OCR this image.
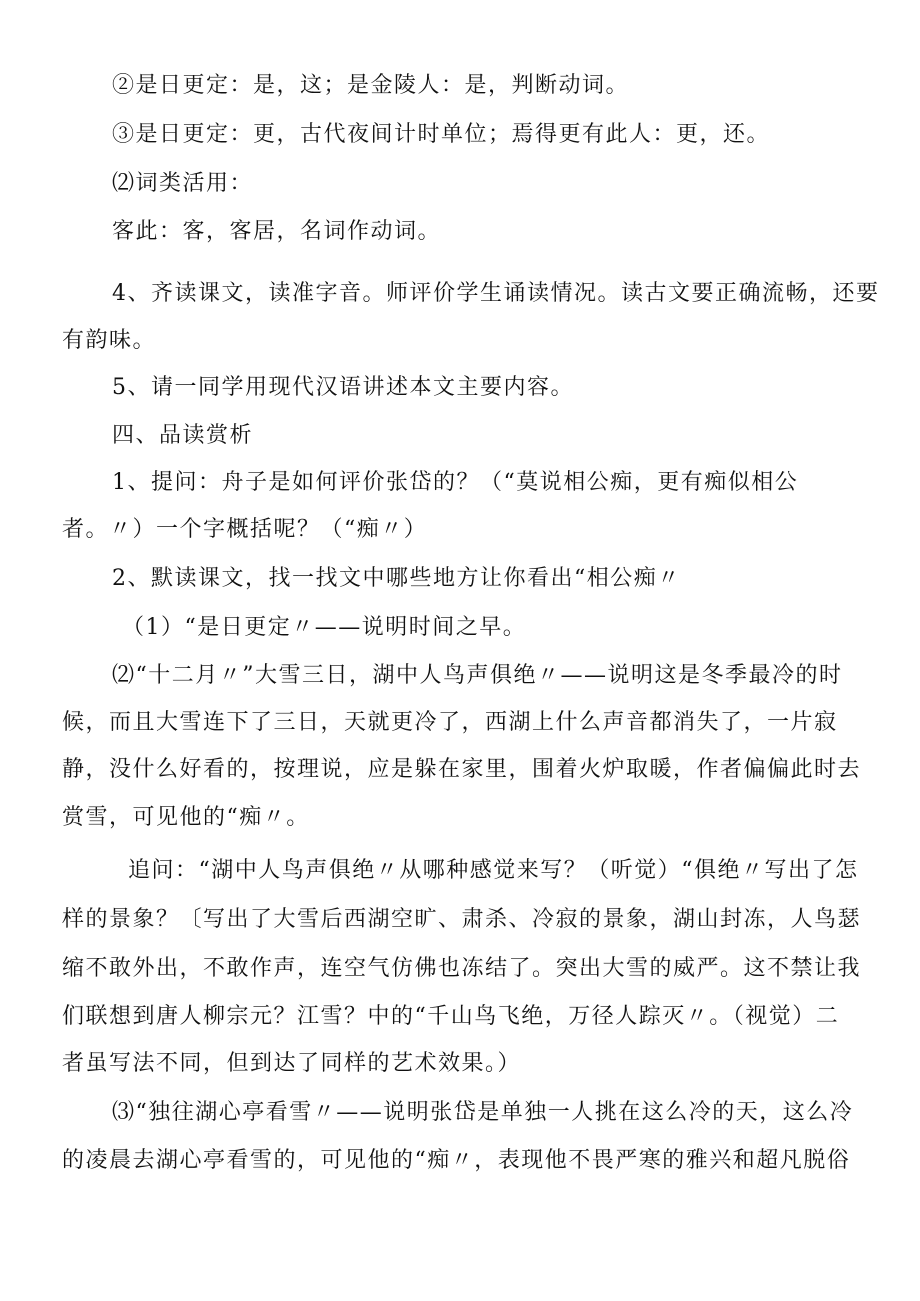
②是日更定：是，这；是金陵人：是，判断动词。
③是日更定：更，古代夜间计时单位；焉得更有此人：更，还。
⑵词类活用：
客此：客，客居，名词作动词。
4、齐读课文，读准字音。师评价学生诵读情况。读古文要正确流畅，还要
有韵味。
5、请一同学用现代汉语讲述本文主要内容。
四、品读赏析
1、提问：舟子是如何评价张岱的？（“莫说相公痴，更有痴似相公
者。〃）一个字概括呢？（“痴〃）
2、默读课文，找一找文中哪些地方让你看出“相公痴〃
（1）“是日更定〃——说明时间之早。
⑵“十二月〃”大雪三日，湖中人鸟声俱绝〃——说明这是冬季最冷的时
候，而且大雪连下了三日，天就更冷了，西湖上什么声音都消失了，一片寂
静，没什么好看的，按理说，应是躲在家里，围着火炉取暖，作者偏偏此时去
赏雪，可见他的“痴〃。
追问：“湖中人鸟声俱绝〃从哪种感觉来写？（听觉）“俱绝〃写出了怎
样的景象？〔写出了大雪后西湖空旷、肃杀、冷寂的景象，湖山封冻，人鸟瑟
缩不敢外出，不敢作声，连空气仿佛也冻结了。突出大雪的威严。这不禁让我
们联想到唐人柳宗元？江雪？中的“千山鸟飞绝，万径人踪灭〃。（视觉）二
者虽写法不同，但到达了同样的艺术效果。）
⑶“独往湖心亭看雪〃——说明张岱是单独一人挑在这么冷的天，这么冷
的凌晨去湖心亭看雪的，可见他的“痴〃，表现他不畏严寒的雅兴和超凡脱俗
